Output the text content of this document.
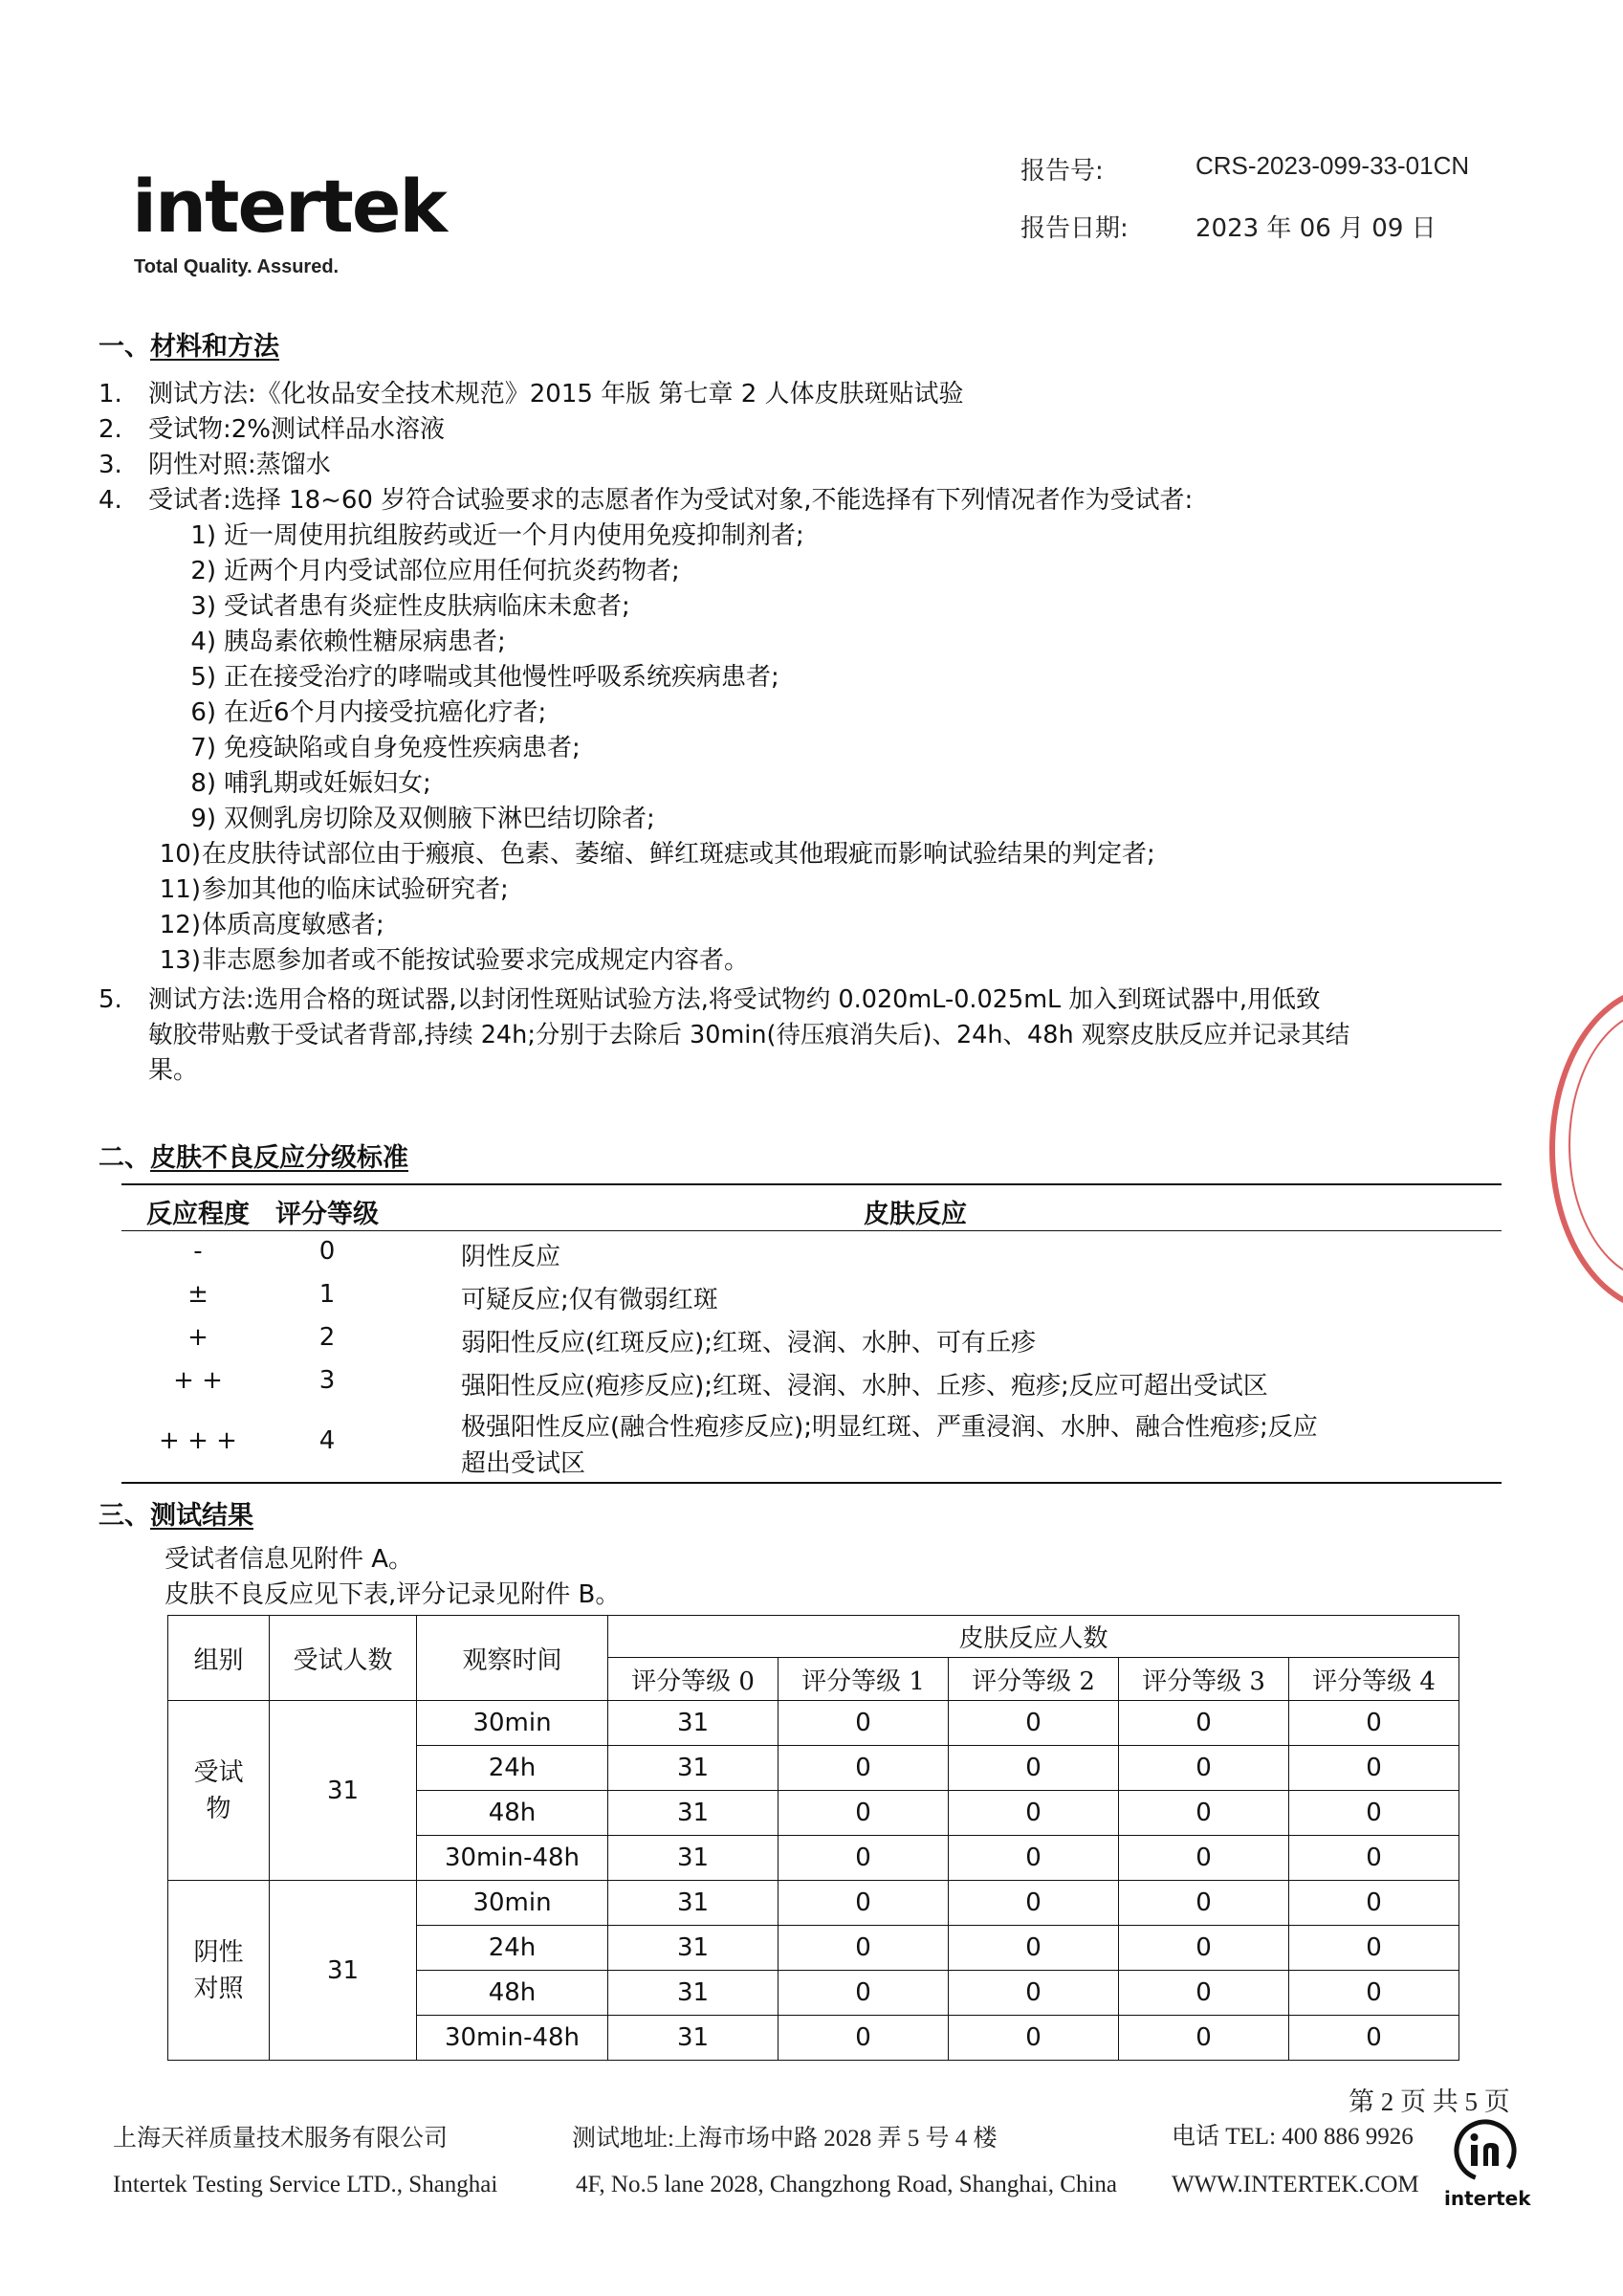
intertek
Total Quality. Assured.
报告号:	CRS-2023-099-33-01CN
报告日期:	2023 年 06 月 09 日
一、材料和方法
1. 测试方法:《化妆品安全技术规范》2015 年版 第七章 2 人体皮肤斑贴试验
2. 受试物:2%测试样品水溶液
3. 阴性对照:蒸馏水
4. 受试者:选择 18~60 岁符合试验要求的志愿者作为受试对象,不能选择有下列情况者作为受试者:
1) 近一周使用抗组胺药或近一个月内使用免疫抑制剂者;
2) 近两个月内受试部位应用任何抗炎药物者;
3) 受试者患有炎症性皮肤病临床未愈者;
4) 胰岛素依赖性糖尿病患者;
5) 正在接受治疗的哮喘或其他慢性呼吸系统疾病患者;
6) 在近6个月内接受抗癌化疗者;
7) 免疫缺陷或自身免疫性疾病患者;
8) 哺乳期或妊娠妇女;
9) 双侧乳房切除及双侧腋下淋巴结切除者;
10)在皮肤待试部位由于瘢痕、色素、萎缩、鲜红斑痣或其他瑕疵而影响试验结果的判定者;
11)参加其他的临床试验研究者;
12)体质高度敏感者;
13)非志愿参加者或不能按试验要求完成规定内容者。
5. 测试方法:选用合格的斑试器,以封闭性斑贴试验方法,将受试物约 0.020mL-0.025mL 加入到斑试器中,用低致
敏胶带贴敷于受试者背部,持续 24h;分别于去除后 30min(待压痕消失后)、24h、48h 观察皮肤反应并记录其结
果。
二、皮肤不良反应分级标准
反应程度	评分等级	皮肤反应
-	0	阴性反应
±	1	可疑反应;仅有微弱红斑
+	2	弱阳性反应(红斑反应);红斑、浸润、水肿、可有丘疹
+ +	3	强阳性反应(疱疹反应);红斑、浸润、水肿、丘疹、疱疹;反应可超出受试区
+ + +	4	极强阳性反应(融合性疱疹反应);明显红斑、严重浸润、水肿、融合性疱疹;反应
超出受试区
三、测试结果
受试者信息见附件 A。
皮肤不良反应见下表,评分记录见附件 B。
组别	受试人数	观察时间	皮肤反应人数				
			评分等级 0	评分等级 1	评分等级 2	评分等级 3	评分等级 4
受试
物	31	30min	31	0	0	0	0
		24h	31	0	0	0	0
		48h	31	0	0	0	0
		30min-48h	31	0	0	0	0
阴性
对照	31	30min	31	0	0	0	0
		24h	31	0	0	0	0
		48h	31	0	0	0	0
		30min-48h	31	0	0	0	0
第 2 页 共 5 页
上海天祥质量技术服务有限公司	测试地址:上海市场中路 2028 弄 5 号 4 楼	电话 TEL: 400 886 9926
Intertek Testing Service LTD., Shanghai	4F, No.5 lane 2028, Changzhong Road, Shanghai, China WWW.INTERTEK.COM
intertek
